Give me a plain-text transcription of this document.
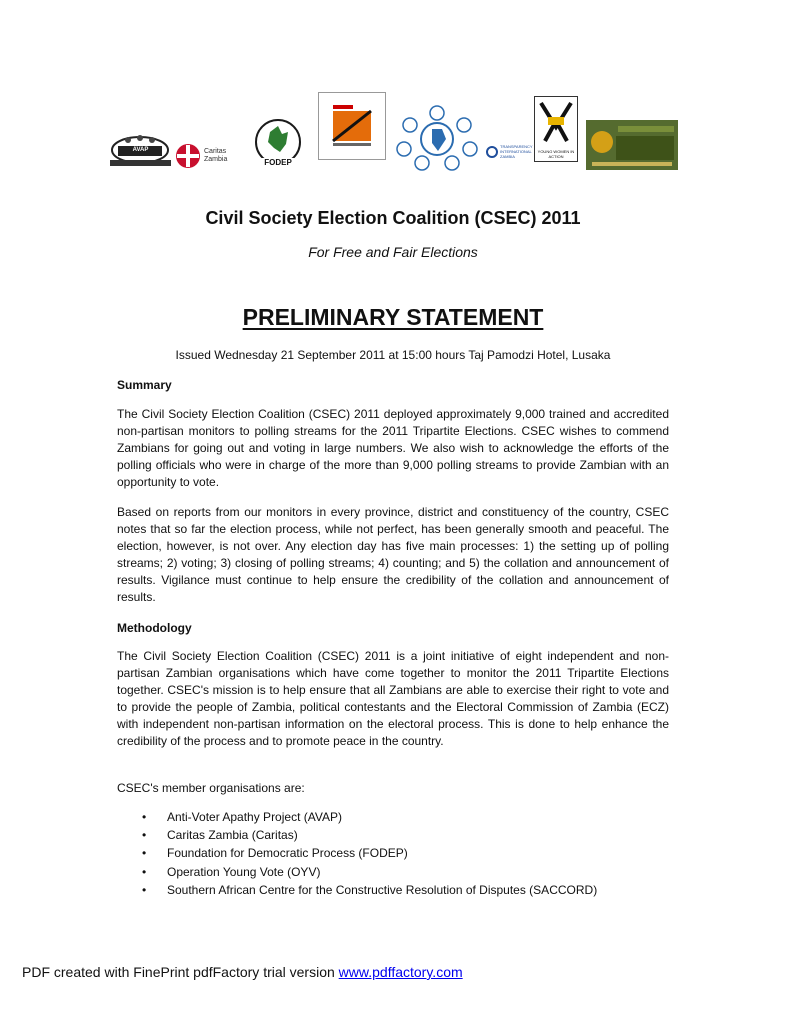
AVAP	Caritas Zambia	FODEP
TRANSPARENCY INTERNATIONAL ZAMBIA
YOUNG WOMEN IN ACTION
Civil Society Election Coalition (CSEC) 2011
For Free and Fair Elections
PRELIMINARY STATEMENT
Issued Wednesday 21 September 2011 at 15:00 hours Taj Pamodzi Hotel, Lusaka
Summary

The Civil Society Election Coalition (CSEC) 2011 deployed approximately 9,000 trained and accredited non-partisan monitors to polling streams for the 2011 Tripartite Elections. CSEC wishes to commend Zambians for going out and voting in large numbers. We also wish to acknowledge the efforts of the polling officials who were in charge of the more than 9,000 polling streams to provide Zambian with an opportunity to vote.

Based on reports from our monitors in every province, district and constituency of the country, CSEC notes that so far the election process, while not perfect, has been generally smooth and peaceful. The election, however, is not over. Any election day has five main processes: 1) the setting up of polling streams; 2) voting; 3) closing of polling streams; 4) counting; and 5) the collation and announcement of results. Vigilance must continue to help ensure the credibility of the collation and announcement of results.

Methodology

The Civil Society Election Coalition (CSEC) 2011 is a joint initiative of eight independent and non-partisan Zambian organisations which have come together to monitor the 2011 Tripartite Elections together. CSEC's mission is to help ensure that all Zambians are able to exercise their right to vote and to provide the people of Zambia, political contestants and the Electoral Commission of Zambia (ECZ) with independent non-partisan information on the electoral process. This is done to help enhance the credibility of the process and to promote peace in the country.

CSEC's member organisations are:
• Anti-Voter Apathy Project (AVAP)
• Caritas Zambia (Caritas)
• Foundation for Democratic Process (FODEP)
• Operation Young Vote (OYV)
• Southern African Centre for the Constructive Resolution of Disputes (SACCORD)
PDF created with FinePrint pdfFactory trial version www.pdffactory.com
